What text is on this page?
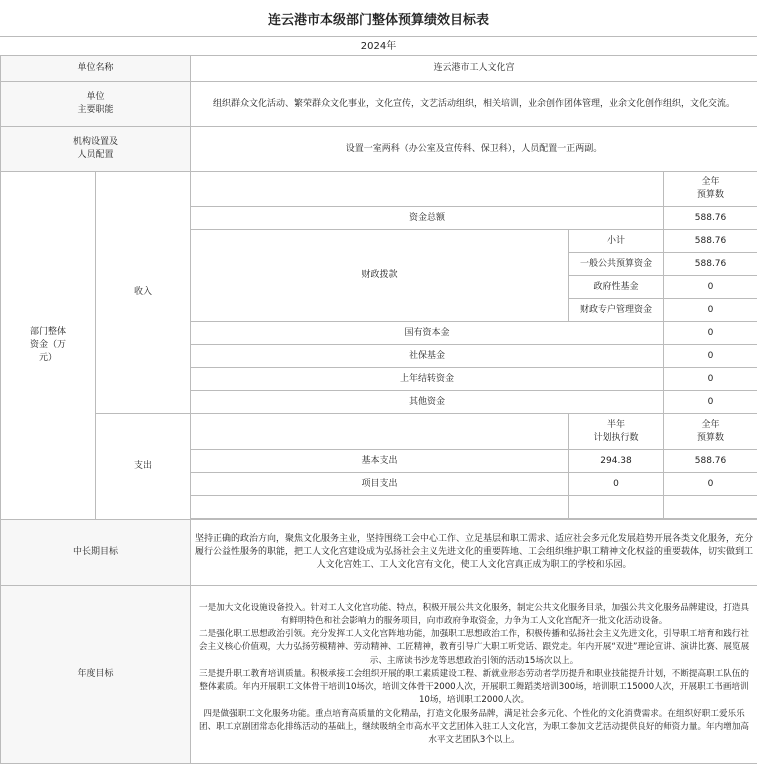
连云港市本级部门整体预算绩效目标表
2024年
单位名称		连云港市工人文化宫		
单位
主要职能		组织群众文化活动、繁荣群众文化事业，文化宣传，文艺活动组织，相关培训，业余创作团体管理，业余文化创作组织，文化交流。		
机构设置及
人员配置		设置一室两科（办公室及宣传科、保卫科），人员配置一正两副。		
部门整体
资金（万
元）	收入			全年
预算数
		资金总额		588.76
		财政拨款	小计	588.76
			一般公共预算资金	588.76
			政府性基金	0
			财政专户管理资金	0
		国有资本金		0
		社保基金		0
		上年结转资金		0
		其他资金		0
	支出		半年
计划执行数	全年
预算数
		基本支出	294.38	588.76
		项目支出	0	0

中长期目标		坚持正确的政治方向，聚焦文化服务主业，坚持围绕工会中心工作、立足基层和职工需求、适应社会多元化发展趋势开展各类文化服务，充分履行公益性服务的职能，把工人文化宫建设成为弘扬社会主义先进文化的重要阵地、工会组织维护职工精神文化权益的重要载体，切实做到工人文化宫姓工、工人文化宫有文化，使工人文化宫真正成为职工的学校和乐园。		
年度目标		一是加大文化设施设备投入。针对工人文化宫功能、特点，积极开展公共文化服务，制定公共文化服务目录，加强公共文化服务品牌建设，打造具有鲜明特色和社会影响力的服务项目，向市政府争取资金，力争为工人文化宫配齐一批文化活动设备。
二是强化职工思想政治引领。充分发挥工人文化宫阵地功能，加强职工思想政治工作，积极传播和弘扬社会主义先进文化，引导职工培育和践行社会主义核心价值观，大力弘扬劳模精神、劳动精神、工匠精神，教育引导广大职工听党话、跟党走。年内开展“双进”理论宣讲、演讲比赛、展览展示、主席读书沙龙等思想政治引领的活动15场次以上。
三是提升职工教育培训质量。积极承接工会组织开展的职工素质建设工程、新就业形态劳动者学历提升和职业技能提升计划，不断提高职工队伍的整体素质。年内开展职工文体骨干培训10场次，培训文体骨干2000人次，开展职工舞蹈类培训300场，培训职工15000人次，开展职工书画培训10场，培训职工2000人次。
四是做强职工文化服务功能。重点培育高质量的文化精品，打造文化服务品牌，满足社会多元化、个性化的文化消费需求。在组织好职工爱乐乐团、职工京剧团常态化排练活动的基础上，继续吸纳全市高水平文艺团体入驻工人文化宫，为职工参加文艺活动提供良好的师资力量。年内增加高水平文艺团队3个以上。		
